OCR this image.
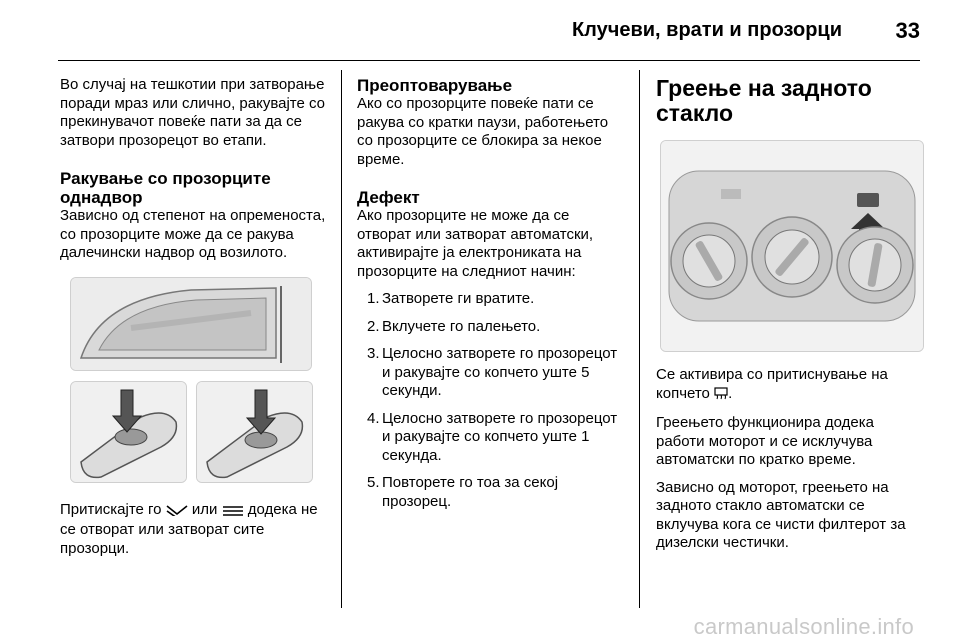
Клучеви, врати и прозорци 33

Во случај на тешкотии при затворање поради мраз или слично, ракувајте со прекинувачот повеќе пати за да се затвори прозорецот во етапи.

Ракување со прозорците однадвор

Зависно од степенот на опременоста, со прозорците може да се ракува далечински надвор од возилото.

Притискајте го или додека не се отворат или затворат сите прозорци.

Преоптоварување

Ако со прозорците повеќе пати се ракува со кратки паузи, работењето со прозорците се блокира за некое време.

Дефект

Ако прозорците не може да се отворат или затворат автоматски, активирајте ја електрониката на прозорците на следниот начин:

1. Затворете ги вратите.
2. Вклучете го палењето.
3. Целосно затворете го прозорецот и ракувајте со копчето уште 5 секунди.
4. Целосно затворете го прозорецот и ракувајте со копчето уште 1 секунда.
5. Повторете го тоа за секој прозорец.
Греење на задното стакло

Се активира со притиснување на копчето .

Греењето функционира додека работи моторот и се исклучува автоматски по кратко време.

Зависно од моторот, греењето на задното стакло автоматски се вклучува кога се чисти филтерот за дизелски честички.

carmanualsonline.info
